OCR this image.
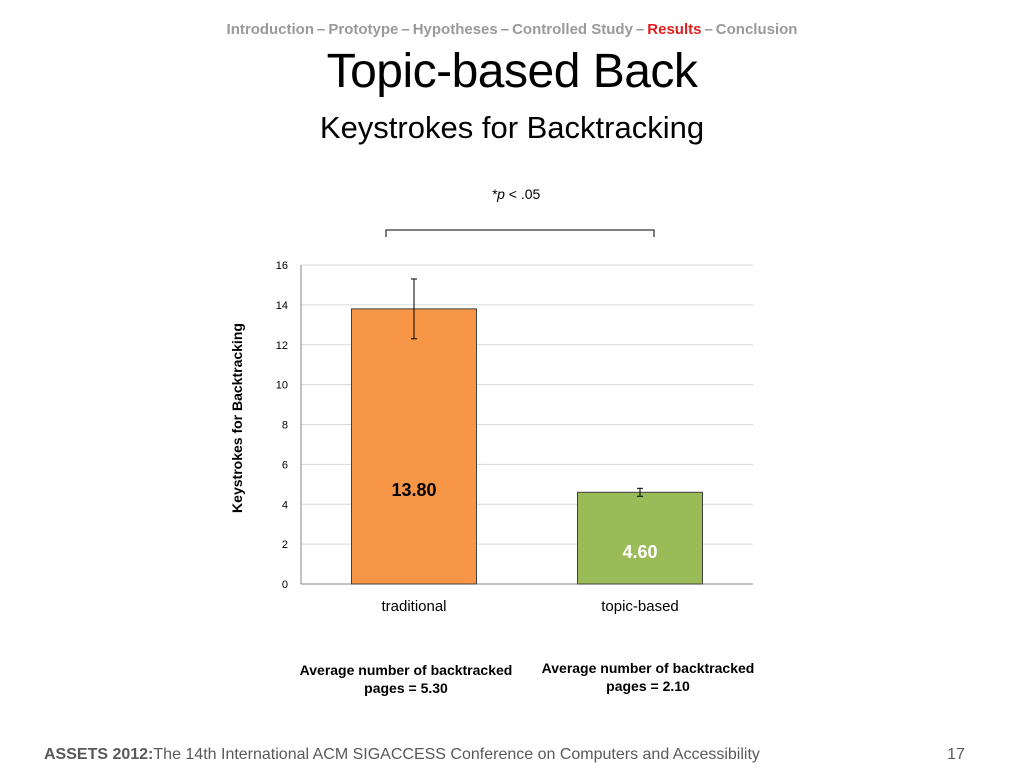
Introduction – Prototype – Hypotheses – Controlled Study – Results – Conclusion
Topic-based Back
Keystrokes for Backtracking
*p < .05
0
2
4
6
8
10
12
14
16
Keystrokes for Backtracking	13.80
traditional
4.60
topic-based
Average number of backtracked pages = 5.30
Average number of backtracked pages = 2.10
ASSETS 2012:The 14th International ACM SIGACCESS Conference on Computers and Accessibility	17
